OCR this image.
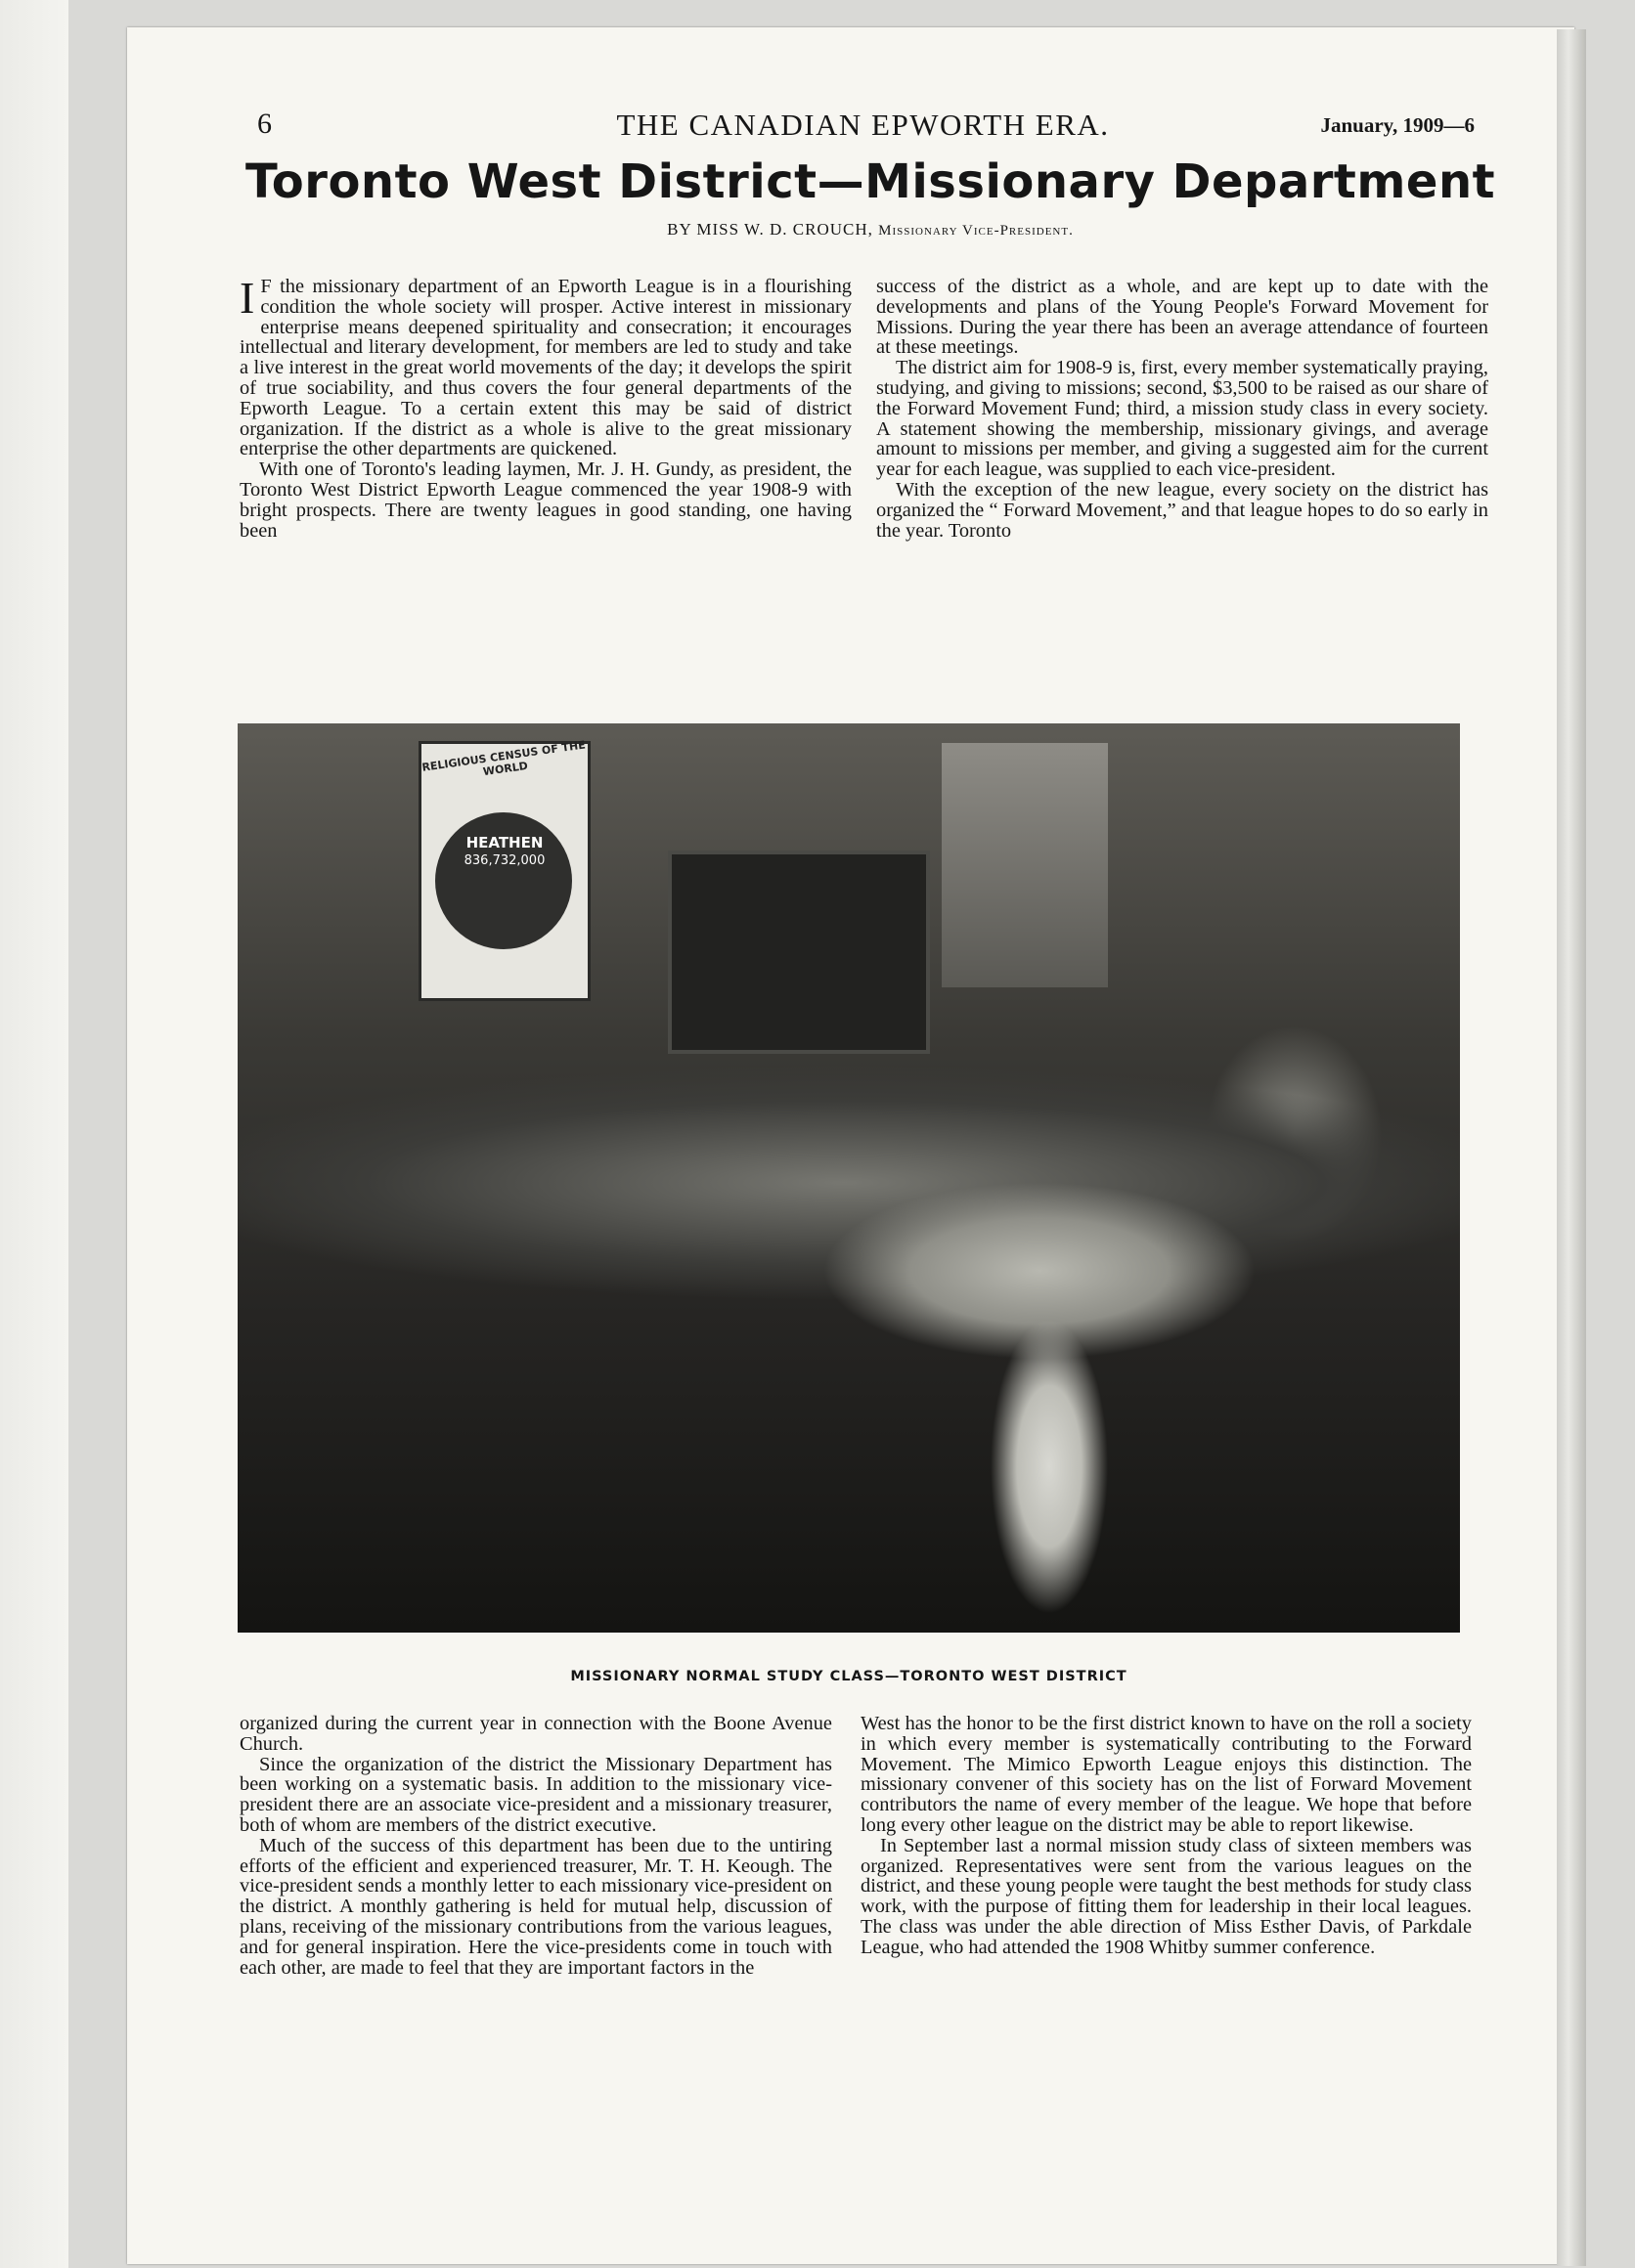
6	THE CANADIAN EPWORTH ERA.	January, 1909—6
Toronto West District—Missionary Department
BY MISS W. D. CROUCH, Missionary Vice-President.

I F the missionary department of an Epworth League is in a flourishing condition the whole society will prosper. Active interest in missionary enterprise means deepened spirituality and consecration; it encourages intellectual and literary development, for members are led to study and take a live interest in the great world movements of the day; it develops the spirit of true sociability, and thus covers the four general departments of the Epworth League. To a certain extent this may be said of district organization. If the district as a whole is alive to the great missionary enterprise the other departments are quickened.

With one of Toronto's leading laymen, Mr. J. H. Gundy, as president, the Toronto West District Epworth League commenced the year 1908-9 with bright prospects. There are twenty leagues in good standing, one having been

success of the district as a whole, and are kept up to date with the developments and plans of the Young People's Forward Movement for Missions. During the year there has been an average attendance of fourteen at these meetings.

The district aim for 1908-9 is, first, every member systematically praying, studying, and giving to missions; second, $3,500 to be raised as our share of the Forward Movement Fund; third, a mission study class in every society. A statement showing the membership, missionary givings, and average amount to missions per member, and giving a suggested aim for the current year for each league, was supplied to each vice-president.

With the exception of the new league, every society on the district has organized the “ Forward Movement,” and that league hopes to do so early in the year. Toronto

RELIGIOUS CENSUS OF THE WORLD
HEATHEN
836,732,000
MISSIONARY NORMAL STUDY CLASS—TORONTO WEST DISTRICT

organized during the current year in connection with the Boone Avenue Church.

Since the organization of the district the Missionary Department has been working on a systematic basis. In addition to the missionary vice-president there are an associate vice-president and a missionary treasurer, both of whom are members of the district executive.

Much of the success of this department has been due to the untiring efforts of the efficient and experienced treasurer, Mr. T. H. Keough. The vice-president sends a monthly letter to each missionary vice-president on the district. A monthly gathering is held for mutual help, discussion of plans, receiving of the missionary contributions from the various leagues, and for general inspiration. Here the vice-presidents come in touch with each other, are made to feel that they are important factors in the

West has the honor to be the first district known to have on the roll a society in which every member is systematically contributing to the Forward Movement. The Mimico Epworth League enjoys this distinction. The missionary convener of this society has on the list of Forward Movement contributors the name of every member of the league. We hope that before long every other league on the district may be able to report likewise.

In September last a normal mission study class of sixteen members was organized. Representatives were sent from the various leagues on the district, and these young people were taught the best methods for study class work, with the purpose of fitting them for leadership in their local leagues. The class was under the able direction of Miss Esther Davis, of Parkdale League, who had attended the 1908 Whitby summer conference.
